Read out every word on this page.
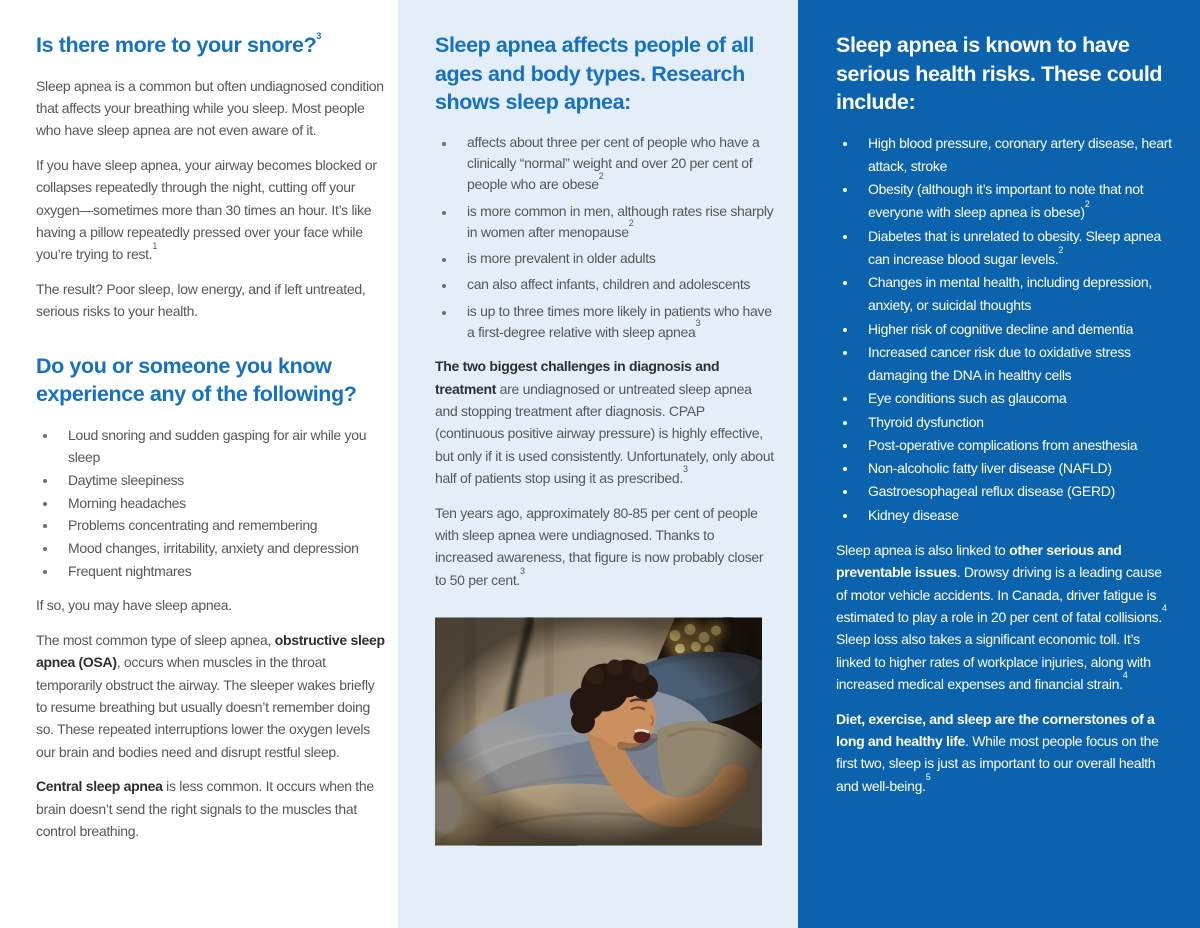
Is there more to your snore?$^3$

Sleep apnea is a common but often undiagnosed condition that affects your breathing while you sleep. Most people who have sleep apnea are not even aware of it.

If you have sleep apnea, your airway becomes blocked or collapses repeatedly through the night, cutting off your oxygen—sometimes more than 30 times an hour. It’s like having a pillow repeatedly pressed over your face while you’re trying to rest.$^1$

The result? Poor sleep, low energy, and if left untreated, serious risks to your health.

Do you or someone you know
experience any of the following?
Loud snoring and sudden gasping for air while you sleep
Daytime sleepiness
Morning headaches
Problems concentrating and remembering
Mood changes, irritability, anxiety and depression
Frequent nightmares

If so, you may have sleep apnea.

The most common type of sleep apnea, obstructive sleep apnea (OSA), occurs when muscles in the throat temporarily obstruct the airway. The sleeper wakes briefly to resume breathing but usually doesn’t remember doing so. These repeated interruptions lower the oxygen levels our brain and bodies need and disrupt restful sleep.

Central sleep apnea is less common. It occurs when the brain doesn’t send the right signals to the muscles that control breathing.

Sleep apnea affects people of all
ages and body types. Research
shows sleep apnea:
affects about three per cent of people who have a clinically “normal” weight and over 20 per cent of people who are obese$^2$
is more common in men, although rates rise sharply in women after menopause$^2$
is more prevalent in older adults
can also affect infants, children and adolescents
is up to three times more likely in patients who have a first-degree relative with sleep apnea$^3$

The two biggest challenges in diagnosis and treatment are undiagnosed or untreated sleep apnea and stopping treatment after diagnosis. CPAP (continuous positive airway pressure) is highly effective, but only if it is used consistently. Unfortunately, only about half of patients stop using it as prescribed.$^3$

Ten years ago, approximately 80-85 per cent of people with sleep apnea were undiagnosed. Thanks to increased awareness, that figure is now probably closer to 50 per cent.$^3$

Sleep apnea is known to have
serious health risks. These could
include:
High blood pressure, coronary artery disease, heart attack, stroke
Obesity (although it’s important to note that not everyone with sleep apnea is obese)$^2$
Diabetes that is unrelated to obesity. Sleep apnea can increase blood sugar levels.$^2$
Changes in mental health, including depression, anxiety, or suicidal thoughts
Higher risk of cognitive decline and dementia
Increased cancer risk due to oxidative stress damaging the DNA in healthy cells
Eye conditions such as glaucoma
Thyroid dysfunction
Post-operative complications from anesthesia
Non-alcoholic fatty liver disease (NAFLD)
Gastroesophageal reflux disease (GERD)
Kidney disease

Sleep apnea is also linked to other serious and preventable issues. Drowsy driving is a leading cause of motor vehicle accidents. In Canada, driver fatigue is estimated to play a role in 20 per cent of fatal collisions.$^4$ Sleep loss also takes a significant economic toll. It’s linked to higher rates of workplace injuries, along with increased medical expenses and financial strain.$^4$

Diet, exercise, and sleep are the cornerstones of a long and healthy life. While most people focus on the first two, sleep is just as important to our overall health and well-being.$^5$
